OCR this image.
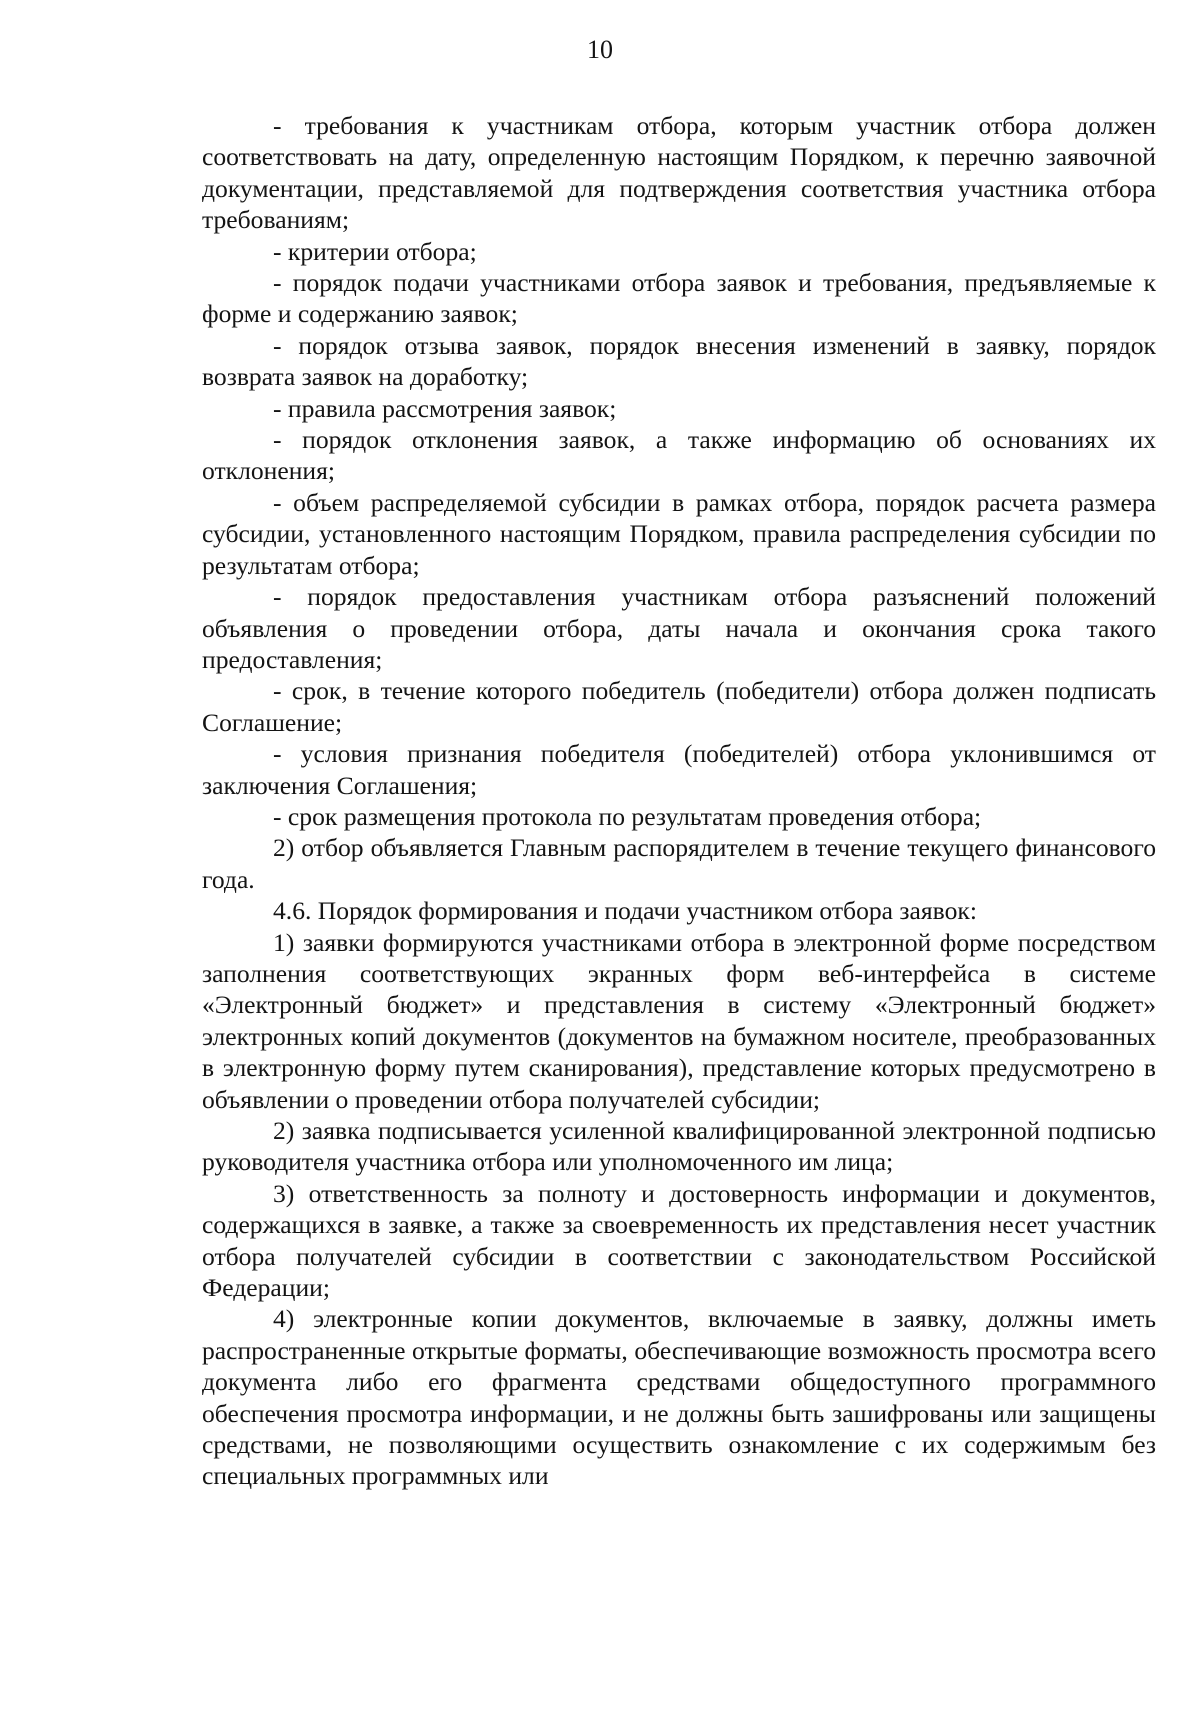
10

- требования к участникам отбора, которым участник отбора должен соответствовать на дату, определенную настоящим Порядком, к перечню заявочной документации, представляемой для подтверждения соответствия участника отбора требованиям;

- критерии отбора;

- порядок подачи участниками отбора заявок и требования, предъявляемые к форме и содержанию заявок;

- порядок отзыва заявок, порядок внесения изменений в заявку, порядок возврата заявок на доработку;

- правила рассмотрения заявок;

- порядок отклонения заявок, а также информацию об основаниях их отклонения;

- объем распределяемой субсидии в рамках отбора, порядок расчета размера субсидии, установленного настоящим Порядком, правила распределения субсидии по результатам отбора;

- порядок предоставления участникам отбора разъяснений положений объявления о проведении отбора, даты начала и окончания срока такого предоставления;

- срок, в течение которого победитель (победители) отбора должен подписать Соглашение;

- условия признания победителя (победителей) отбора уклонившимся от заключения Соглашения;

- срок размещения протокола по результатам проведения отбора;

2) отбор объявляется Главным распорядителем в течение текущего финансового года.

4.6. Порядок формирования и подачи участником отбора заявок:

1) заявки формируются участниками отбора в электронной форме посредством заполнения соответствующих экранных форм веб-интерфейса в системе «Электронный бюджет» и представления в систему «Электронный бюджет» электронных копий документов (документов на бумажном носителе, преобразованных в электронную форму путем сканирования), представление которых предусмотрено в объявлении о проведении отбора получателей субсидии;

2) заявка подписывается усиленной квалифицированной электронной подписью руководителя участника отбора или уполномоченного им лица;

3) ответственность за полноту и достоверность информации и документов, содержащихся в заявке, а также за своевременность их представления несет участник отбора получателей субсидии в соответствии с законодательством Российской Федерации;

4) электронные копии документов, включаемые в заявку, должны иметь распространенные открытые форматы, обеспечивающие возможность просмотра всего документа либо его фрагмента средствами общедоступного программного обеспечения просмотра информации, и не должны быть зашифрованы или защищены средствами, не позволяющими осуществить ознакомление с их содержимым без специальных программных или
